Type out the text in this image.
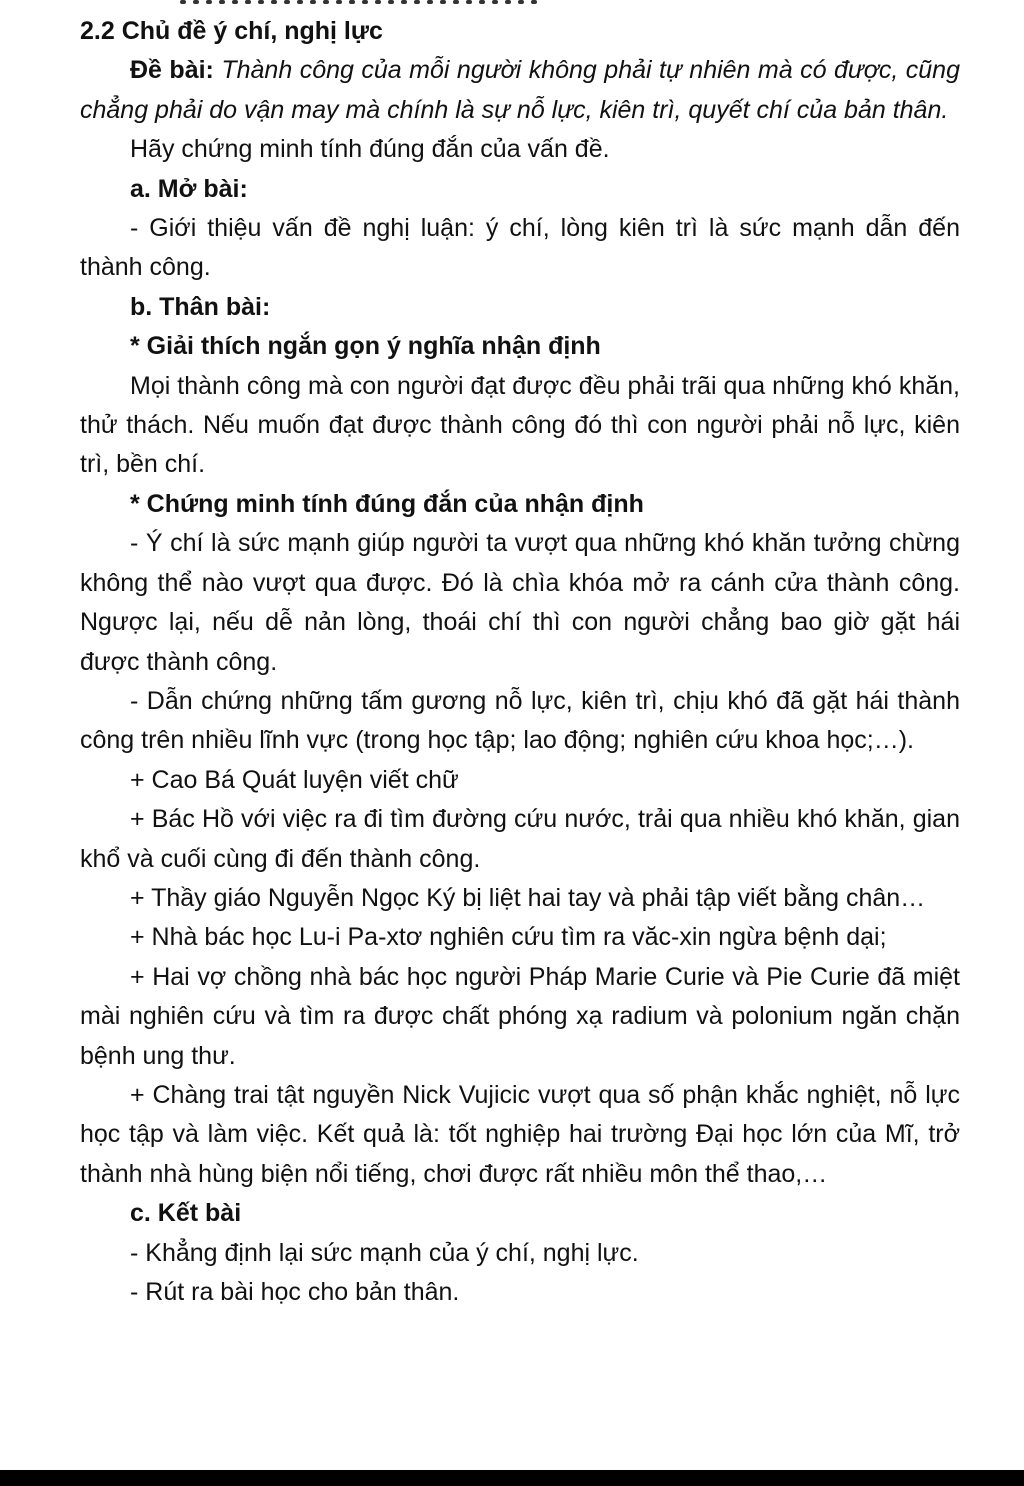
2.2 Chủ đề ý chí, nghị lực

Đề bài: Thành công của mỗi người không phải tự nhiên mà có được, cũng chẳng phải do vận may mà chính là sự nỗ lực, kiên trì, quyết chí của bản thân.

Hãy chứng minh tính đúng đắn của vấn đề.

a. Mở bài:

- Giới thiệu vấn đề nghị luận: ý chí, lòng kiên trì là sức mạnh dẫn đến thành công.

b. Thân bài:

* Giải thích ngắn gọn ý nghĩa nhận định

Mọi thành công mà con người đạt được đều phải trãi qua những khó khăn, thử thách. Nếu muốn đạt được thành công đó thì con người phải nỗ lực, kiên trì, bền chí.

* Chứng minh tính đúng đắn của nhận định

- Ý chí là sức mạnh giúp người ta vượt qua những khó khăn tưởng chừng không thể nào vượt qua được. Đó là chìa khóa mở ra cánh cửa thành công. Ngược lại, nếu dễ nản lòng, thoái chí thì con người chẳng bao giờ gặt hái được thành công.

- Dẫn chứng những tấm gương nỗ lực, kiên trì, chịu khó đã gặt hái thành công trên nhiều lĩnh vực (trong học tập; lao động; nghiên cứu khoa học;…).

+ Cao Bá Quát luyện viết chữ

+ Bác Hồ với việc ra đi tìm đường cứu nước, trải qua nhiều khó khăn, gian khổ và cuối cùng đi đến thành công.

+ Thầy giáo Nguyễn Ngọc Ký bị liệt hai tay và phải tập viết bằng chân…

+ Nhà bác học Lu-i Pa-xtơ nghiên cứu tìm ra văc-xin ngừa bệnh dại;

+ Hai vợ chồng nhà bác học người Pháp Marie Curie và Pie Curie đã miệt mài nghiên cứu và tìm ra được chất phóng xạ radium và polonium ngăn chặn bệnh ung thư.

+ Chàng trai tật nguyền Nick Vujicic vượt qua số phận khắc nghiệt, nỗ lực học tập và làm việc. Kết quả là: tốt nghiệp hai trường Đại học lớn của Mĩ, trở thành nhà hùng biện nổi tiếng, chơi được rất nhiều môn thể thao,…

c. Kết bài

- Khẳng định lại sức mạnh của ý chí, nghị lực.

- Rút ra bài học cho bản thân.
